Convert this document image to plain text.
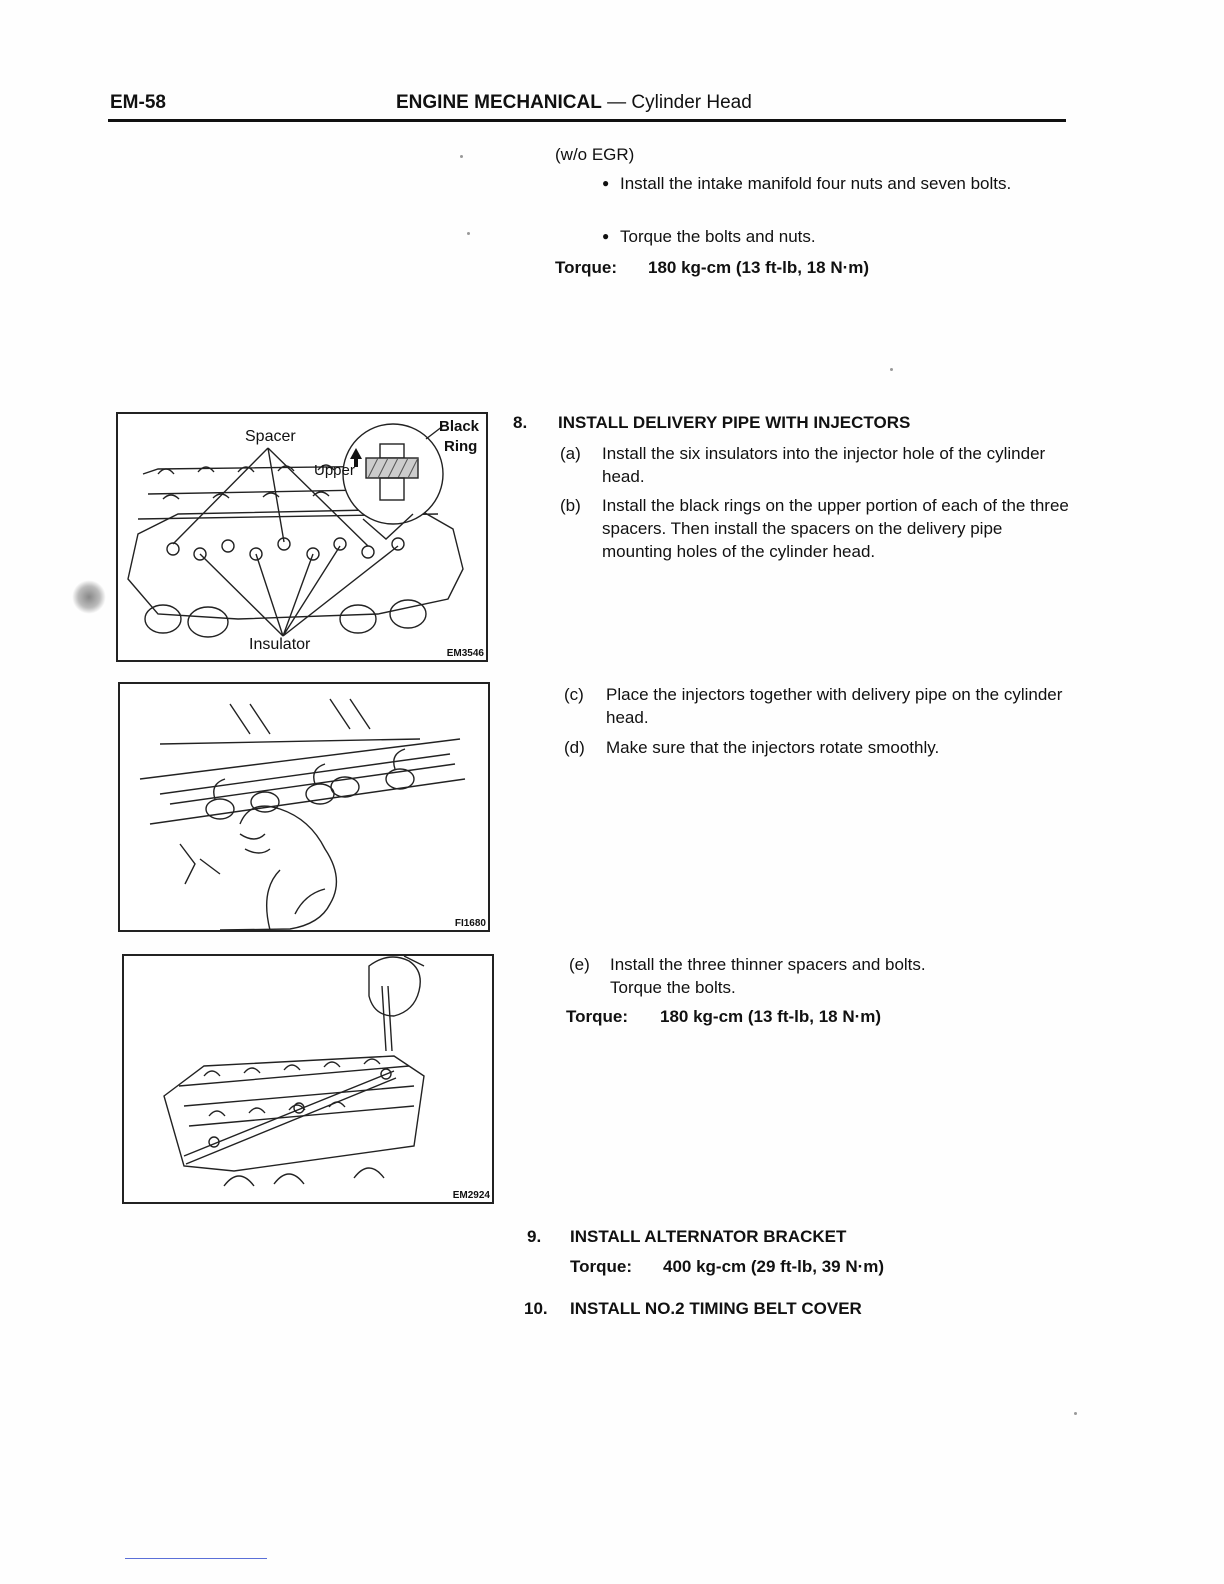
EM-58	ENGINE MECHANICAL — Cylinder Head
(w/o EGR)
● Install the intake manifold four nuts and seven bolts.
● Torque the bolts and nuts.
Torque: 180 kg-cm (13 ft-lb, 18 N·m)
8. INSTALL DELIVERY PIPE WITH INJECTORS
(a) Install the six insulators into the injector hole of the cylinder head.
(b) Install the black rings on the upper portion of each of the three spacers. Then install the spacers on the delivery pipe mounting holes of the cylinder head.
(c) Place the injectors together with delivery pipe on the cylinder head.
(d) Make sure that the injectors rotate smoothly.
(e) Install the three thinner spacers and bolts.
Torque the bolts.
Torque: 180 kg-cm (13 ft-lb, 18 N·m)
9. INSTALL ALTERNATOR BRACKET
Torque: 400 kg-cm (29 ft-lb, 39 N·m)
10. INSTALL NO.2 TIMING BELT COVER
Spacer
Upper
Black
Ring
Insulator
EM3546
FI1680
EM2924
